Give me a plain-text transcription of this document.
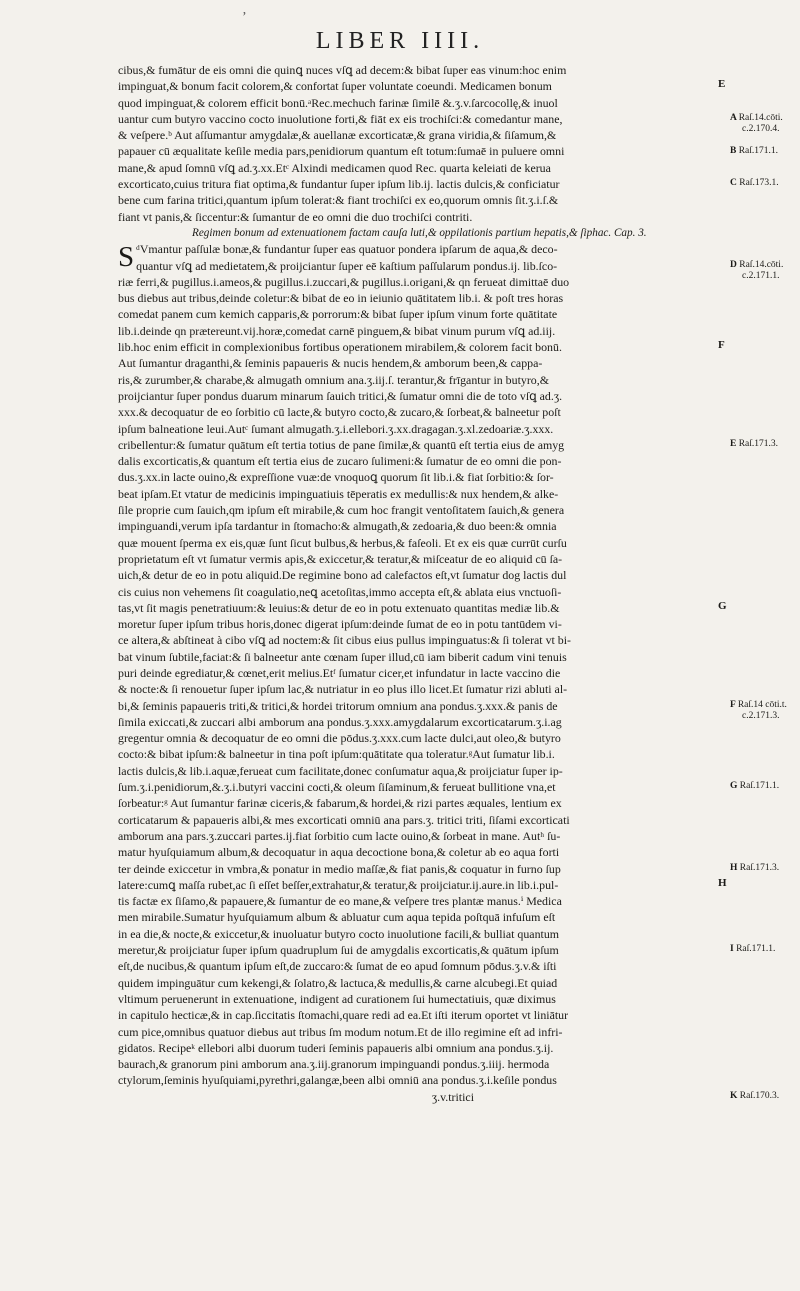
ʼ
LIBER IIII.
cibus,& fumātur de eis omni die quinꝗ nuces vſꝗ ad decem:& bibat ſuper eas vinum:hoc enim
impinguat,& bonum facit colorem,& confortat ſuper voluntate coeundi. Medicamen bonum
quod impinguat,& colorem efficit bonū.ᵃRec.mechuch farinæ ſimilē &.ʒ.v.ſarcocollę,& inuol
uantur cum butyro vaccino cocto inuolutione forti,& fiāt ex eis trochiſci:& comedantur mane,
& veſpere.ᵇ Aut aſſumantur amygdalæ,& auellanæ excorticatæ,& grana viridia,& ſiſamum,&
papauer cū æqualitate keſile media pars,penidiorum quantum eſt totum:ſumaē in puluere omni
mane,& apud ſomnū vſꝗ ad.ʒ.xx.Etᶜ Alxindi medicamen quod Rec. quarta keleiati de kerua
excorticato,cuius tritura fiat optima,& fundantur ſuper ipſum lib.ij. lactis dulcis,& conficiatur
bene cum farina tritici,quantum ipſum tolerat:& fiant trochiſci ex eo,quorum omnis ſit.ʒ.i.ſ.&
fiant vt panis,& ſiccentur:& ſumantur de eo omni die duo trochiſci contriti.
Regimen bonum ad extenuationem factam cauſa luti,& oppilationis partium hepatis,& ſiphac. Cap. 3.
S ᵈVmantur paſſulæ bonæ,& fundantur ſuper eas quatuor pondera ipſarum de aqua,& deco-
quantur vſꝗ ad medietatem,& proijciantur ſuper eē kaſtium paſſularum pondus.ij. lib.ſco-
riæ ferri,& pugillus.i.ameos,& pugillus.i.zuccari,& pugillus.i.origani,& qn ferueat dimittaē duo
bus diebus aut tribus,deinde coletur:& bibat de eo in ieiunio quātitatem lib.i. & poſt tres horas
comedat panem cum kemich capparis,& porrorum:& bibat ſuper ipſum vinum forte quātitate
lib.i.deinde qn prætereunt.vij.horæ,comedat carnē pinguem,& bibat vinum purum vſꝗ ad.iij.
lib.hoc enim efficit in complexionibus fortibus operationem mirabilem,& colorem facit bonū.
Aut ſumantur draganthi,& ſeminis papaueris & nucis hendem,& amborum been,& cappa-
ris,& zurumber,& charabe,& almugath omnium ana.ʒ.iij.ſ. terantur,& frīgantur in butyro,&
proijciantur ſuper pondus duarum minarum ſauich tritici,& ſumatur omni die de toto vſꝗ ad.ʒ.
xxx.& decoquatur de eo ſorbitio cū lacte,& butyro cocto,& zucaro,& ſorbeat,& balneetur poſt
ipſum balneatione leui.Autᶜ ſumant almugath.ʒ.i.ellebori.ʒ.xx.dragagan.ʒ.xl.zedoariæ.ʒ.xxx.
cribellentur:& ſumatur quātum eſt tertia totius de pane ſimilæ,& quantū eſt tertia eius de amyg
dalis excorticatis,& quantum eſt tertia eius de zucaro ſulimeni:& ſumatur de eo omni die pon-
dus.ʒ.xx.in lacte ouino,& expreſſione vuæ:de vnoquoꝗ quorum ſit lib.i.& fiat ſorbitio:& ſor-
beat ipſam.Et vtatur de medicinis impinguatiuis tēperatis ex medullis:& nux hendem,& alke-
ſile proprie cum ſauich,qm ipſum eſt mirabile,& cum hoc frangit ventoſitatem ſauich,& genera
impinguandi,verum ipſa tardantur in ſtomacho:& almugath,& zedoaria,& duo been:& omnia
quæ mouent ſperma ex eis,quæ ſunt ſicut bulbus,& herbus,& faſeoli. Et ex eis quæ currūt curſu
proprietatum eſt vt ſumatur vermis apis,& exiccetur,& teratur,& miſceatur de eo aliquid cū ſa-
uich,& detur de eo in potu aliquid.De regimine bono ad calefactos eſt,vt ſumatur dog lactis dul
cis cuius non vehemens ſit coagulatio,neꝗ acetoſitas,immo accepta eſt,& ablata eius vnctuoſi-
tas,vt ſit magis penetratiuum:& leuius:& detur de eo in potu extenuato quantitas mediæ lib.&
moretur ſuper ipſum tribus horis,donec digerat ipſum:deinde ſumat de eo in potu tantūdem vi-
ce altera,& abſtineat à cibo vſꝗ ad noctem:& ſit cibus eius pullus impinguatus:& ſi tolerat vt bi-
bat vinum ſubtile,faciat:& ſi balneetur ante cœnam ſuper illud,cū iam biberit cadum vini tenuis
puri deinde egrediatur,& cœnet,erit melius.Etᶠ ſumatur cicer,et infundatur in lacte vaccino die
& nocte:& ſi renouetur ſuper ipſum lac,& nutriatur in eo plus illo licet.Et ſumatur rizi abluti al-
bi,& ſeminis papaueris triti,& tritici,& hordei tritorum omnium ana pondus.ʒ.xxx.& panis de
ſimila exiccati,& zuccari albi amborum ana pondus.ʒ.xxx.amygdalarum excorticatarum.ʒ.i.ag
gregentur omnia & decoquatur de eo omni die pōdus.ʒ.xxx.cum lacte dulci,aut oleo,& butyro
cocto:& bibat ipſum:& balneetur in tina poſt ipſum:quātitate qua toleratur.ᵍAut ſumatur lib.i.
lactis dulcis,& lib.i.aquæ,ferueat cum facilitate,donec conſumatur aqua,& proijciatur ſuper ip-
ſum.ʒ.i.penidiorum,&.ʒ.i.butyri vaccini cocti,& oleum ſiſaminum,& ferueat bullitione vna,et
ſorbeatur:ᵍ Aut ſumantur farinæ ciceris,& fabarum,& hordei,& rizi partes æquales, lentium ex
corticatarum & papaueris albi,& mes excorticati omniū ana pars.ʒ. tritici triti, ſiſami excorticati
amborum ana pars.ʒ.zuccari partes.ij.fiat ſorbitio cum lacte ouino,& ſorbeat in mane. Autʰ ſu-
matur hyuſquiamum album,& decoquatur in aqua decoctione bona,& coletur ab eo aqua forti
ter deinde exiccetur in vmbra,& ponatur in medio maſſæ,& fiat panis,& coquatur in furno ſup
latere:cumꝗ maſſa rubet,ac ſi eſſet beſſer,extrahatur,& teratur,& proijciatur.ij.aure.in lib.i.pul-
tis factæ ex ſiſamo,& papauere,& ſumantur de eo mane,& veſpere tres plantæ manus.ⁱ Medica
men mirabile.Sumatur hyuſquiamum album & abluatur cum aqua tepida poſtquā infuſum eſt
in ea die,& nocte,& exiccetur,& inuoluatur butyro cocto inuolutione facili,& bulliat quantum
meretur,& proijciatur ſuper ipſum quadruplum ſui de amygdalis excorticatis,& quātum ipſum
eſt,de nucibus,& quantum ipſum eſt,de zuccaro:& ſumat de eo apud ſomnum pōdus.ʒ.v.& iſti
quidem impinguātur cum kekengi,& ſolatro,& lactuca,& medullis,& carne alcubegi.Et quiad
vltimum peruenerunt in extenuatione, indigent ad curationem ſui humectatiuis, quæ diximus
in capitulo hecticæ,& in cap.ſiccitatis ſtomachi,quare redi ad ea.Et iſti iterum oportet vt liniātur
cum pice,omnibus quatuor diebus aut tribus ſm modum notum.Et de illo regimine eſt ad infri-
gidatos. Recipeᵏ ellebori albi duorum tuderi ſeminis papaueris albi omnium ana pondus.ʒ.ij.
baurach,& granorum pini amborum ana.ʒ.iij.granorum impinguandi pondus.ʒ.iiij. hermoda
ctylorum,ſeminis hyuſquiami,pyrethri,galangæ,been albi omniū ana pondus.ʒ.i.keſile pondus
ʒ.v.tritici
E
F
G
H
A Raſ.14.cōti.
c.2.170.4.
B Raſ.171.1.
C Raſ.173.1.
D Raſ.14.cōti.
c.2.171.1.
E Raſ.171.3.
F Raſ.14 cōti.t.
c.2.171.3.
G Raſ.171.1.
H Raſ.171.3.
I Raſ.171.1.
K Raſ.170.3.
